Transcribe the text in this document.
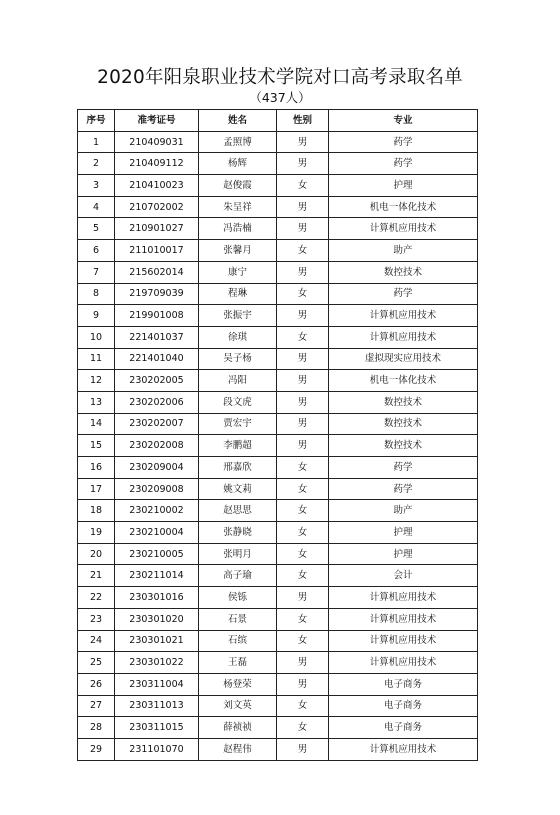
2020年阳泉职业技术学院对口高考录取名单
（437人）
序号	准考证号	姓名	性别	专业
1	210409031	孟照博	男	药学
2	210409112	杨辉	男	药学
3	210410023	赵俊霞	女	护理
4	210702002	朱呈祥	男	机电一体化技术
5	210901027	冯浩楠	男	计算机应用技术
6	211010017	张馨月	女	助产
7	215602014	康宁	男	数控技术
8	219709039	程琳	女	药学
9	219901008	张振宇	男	计算机应用技术
10	221401037	徐琪	女	计算机应用技术
11	221401040	吴子杨	男	虚拟现实应用技术
12	230202005	冯阳	男	机电一体化技术
13	230202006	段文虎	男	数控技术
14	230202007	贾宏宇	男	数控技术
15	230202008	李鹏超	男	数控技术
16	230209004	邢嘉欣	女	药学
17	230209008	姚文莉	女	药学
18	230210002	赵思思	女	助产
19	230210004	张静晓	女	护理
20	230210005	张明月	女	护理
21	230211014	高子瑜	女	会计
22	230301016	侯铄	男	计算机应用技术
23	230301020	石景	女	计算机应用技术
24	230301021	石缤	女	计算机应用技术
25	230301022	王磊	男	计算机应用技术
26	230311004	杨登荣	男	电子商务
27	230311013	刘文英	女	电子商务
28	230311015	薛祯祯	女	电子商务
29	231101070	赵程伟	男	计算机应用技术
